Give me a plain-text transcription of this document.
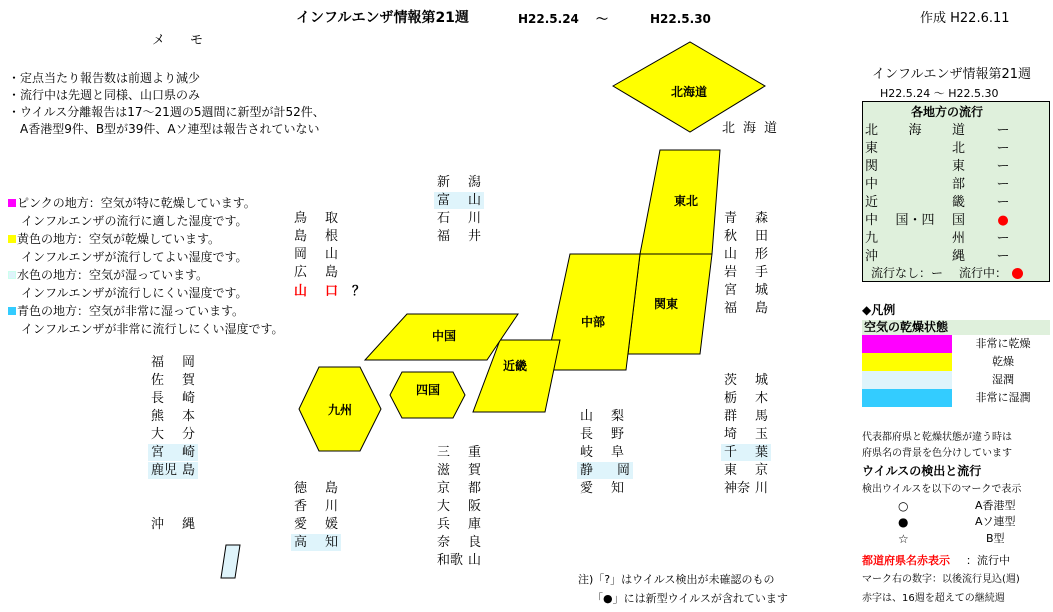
インフルエンザ情報第21週	H22.5.24 ～	H22.5.30	作成 H22.6.11
メ　モ
・定点当たり報告数は前週より減少
・流行中は先週と同様、山口県のみ
・ウイルス分離報告は17～21週の5週間に新型が計52件、
　A香港型9件、B型が39件、Aソ連型は報告されていない
ピンクの地方：空気が特に乾燥しています。
インフルエンザの流行に適した湿度です。
黄色の地方：空気が乾燥しています。
インフルエンザが流行してよい湿度です。
水色の地方：空気が湿っています。
インフルエンザが流行しにくい湿度です。
青色の地方：空気が非常に湿っています。
インフルエンザが非常に流行しにくい湿度です。
北海道
東北
関東
中部
近畿
中国
四国
九州
北海道
新 潟
富 山
石 川
福 井
鳥 取
島 根
岡 山
広 島
山 口 ？
青 森
秋 田
山 形
岩 手
宮 城
福 島
福 岡
佐 賀
長 崎
熊 本
大 分
宮 崎
鹿児 島
沖 縄
徳 島
香 川
愛 媛
高 知
三 重
滋 賀
京 都
大 阪
兵 庫
奈 良
和歌 山
山 梨
長 野
岐 阜
静 岡
愛 知
茨 城
栃 木
群 馬
埼 玉
千 葉
東 京
神奈 川
注)「?」はウイルス検出が未確認のもの
「●」には新型ウイルスが含れています
インフルエンザ情報第21週
H22.5.24 ～ H22.5.30
各地方の流行
北 海 道 ー
東	北 ー
関	東 ー
中	部 ー
近	畿 ー
中 国・四 国	●
九	州 ー
沖	縄 ー
流行なし：ー 流行中：
◆凡例
空気の乾燥状態
非常に乾燥
乾燥
湿潤
非常に湿潤
代表都府県と乾燥状態が違う時は
府県名の背景を色分けしています
ウイルスの検出と流行
検出ウイルスを以下のマークで表示
○	A香港型
●	Aソ連型
☆	B型
都道府県名赤表示 ：流行中
マーク右の数字：以後流行見込(週)
赤字は、16週を超えての継続週
